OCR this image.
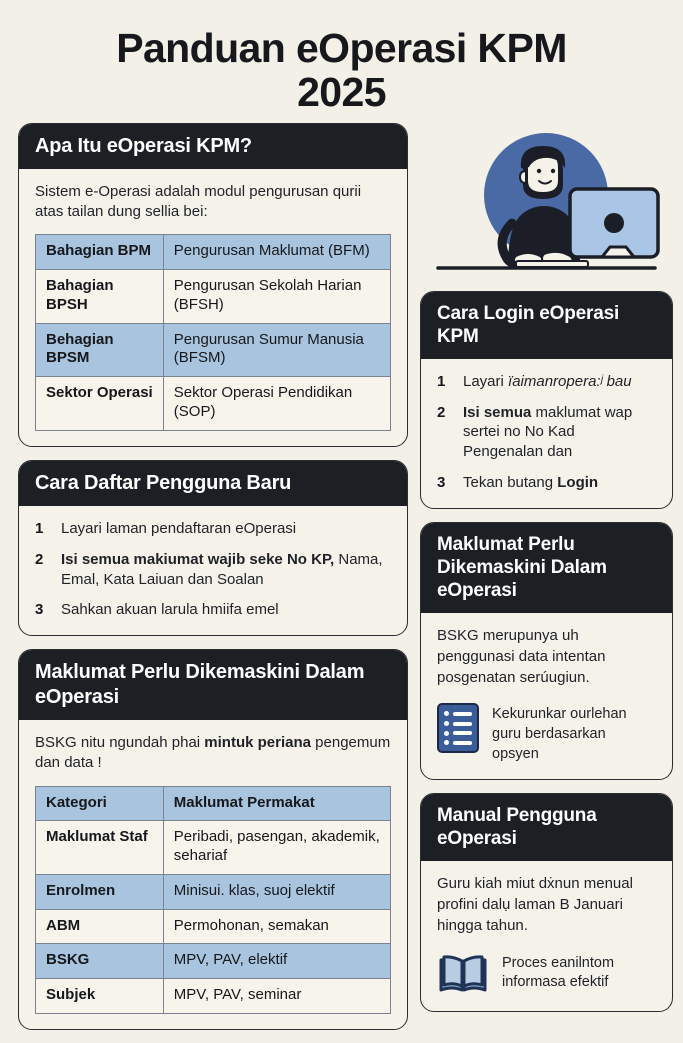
Panduan eOperasi KPM
2025
Apa Itu eOperasi KPM?
Sistem e-Operasi adalah modul pengurusan qurii atas tailan dung sellia bei:
Bahagian BPM	Pengurusan Maklumat (BFM)
Bahagian BPSH	Pengurusan Sekolah Harian (BFSH)
Behagian BPSM	Pengurusan Sumur Manusia (BFSM)
Sektor Operasi	Sektor Operasi Pendidikan (SOP)
Cara Daftar Pengguna Baru
1	Layari laman pendaftaran eOperasi
2	Isi semua makiumat wajib seke No KP, Nama, Emal, Kata Laiuan dan Soalan
3	Sahkan akuan larula hmiifa emel
Maklumat Perlu Dikemaskini Dalam eOperasi
BSKG nitu ngundah phai mintuk periana pengemum dan data !
Kategori	Maklumat Permakat
Maklumat Staf	Peribadi, pasengan, akademik, sehariaf
Enrolmen	Minisui. klas, suoj elektif
ABM	Permohonan, semakan
BSKG	MPV, PAV, elektif
Subjek	MPV, PAV, seminar
Cara Login eOperasi KPM
1	Layari ïaimanropera:ʲ bau
2	Isi semua maklumat wap sertei no No Kad Pengenalan dan
3	Tekan butang Login
Maklumat Perlu Dikemaskini Dalam eOperasi
BSKG merupunya uh penggunasi data intentan posgenatan serúugiun.
Kekurunkar ourlehan guru berdasarkan opsyen
Manual Pengguna eOperasi
Guru kiah miut dẋnun menual profini dalụ laman B Januari hingga tahun.
Proces eanilntom informasa efektif
